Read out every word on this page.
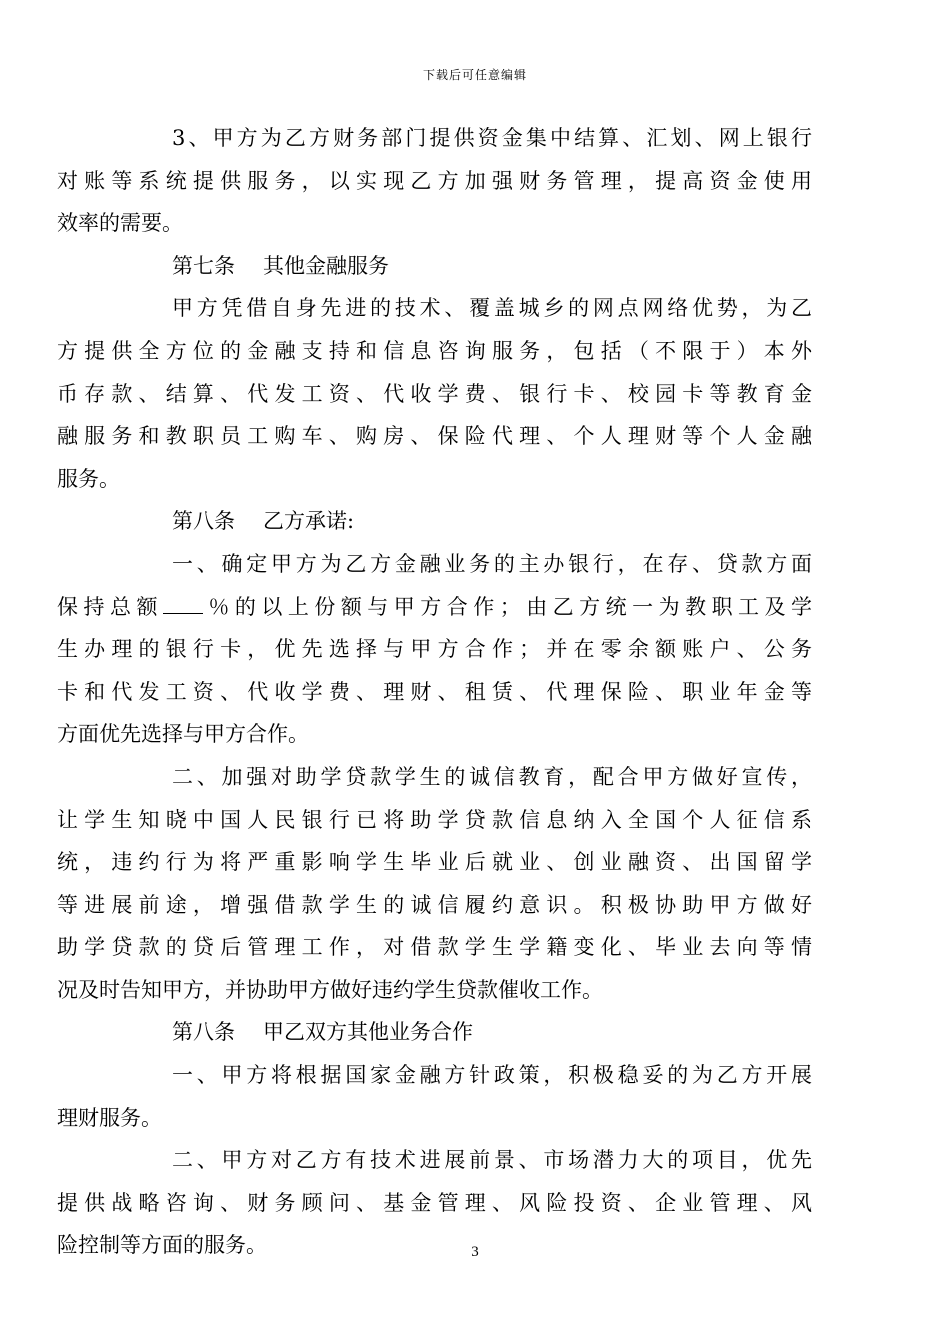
下载后可任意编辑
3、甲方为乙方财务部门提供资金集中结算、汇划、网上银行
对账等系统提供服务，以实现乙方加强财务管理，提高资金使用
效率的需要。
第七条 其他金融服务
甲方凭借自身先进的技术、覆盖城乡的网点网络优势，为乙
方提供全方位的金融支持和信息咨询服务，包括（不限于）本外
币存款、结算、代发工资、代收学费、银行卡、校园卡等教育金
融服务和教职员工购车、购房、保险代理、个人理财等个人金融
服务。
第八条 乙方承诺:
一、确定甲方为乙方金融业务的主办银行，在存、贷款方面
保持总额 ％的以上份额与甲方合作；由乙方统一为教职工及学
生办理的银行卡，优先选择与甲方合作；并在零余额账户、公务
卡和代发工资、代收学费、理财、租赁、代理保险、职业年金等
方面优先选择与甲方合作。
二、加强对助学贷款学生的诚信教育，配合甲方做好宣传，
让学生知晓中国人民银行已将助学贷款信息纳入全国个人征信系
统，违约行为将严重影响学生毕业后就业、创业融资、出国留学
等进展前途，增强借款学生的诚信履约意识。积极协助甲方做好
助学贷款的贷后管理工作，对借款学生学籍变化、毕业去向等情
况及时告知甲方，并协助甲方做好违约学生贷款催收工作。
第八条 甲乙双方其他业务合作
一、甲方将根据国家金融方针政策，积极稳妥的为乙方开展
理财服务。
二、甲方对乙方有技术进展前景、市场潜力大的项目，优先
提供战略咨询、财务顾问、基金管理、风险投资、企业管理、风
险控制等方面的服务。	3
